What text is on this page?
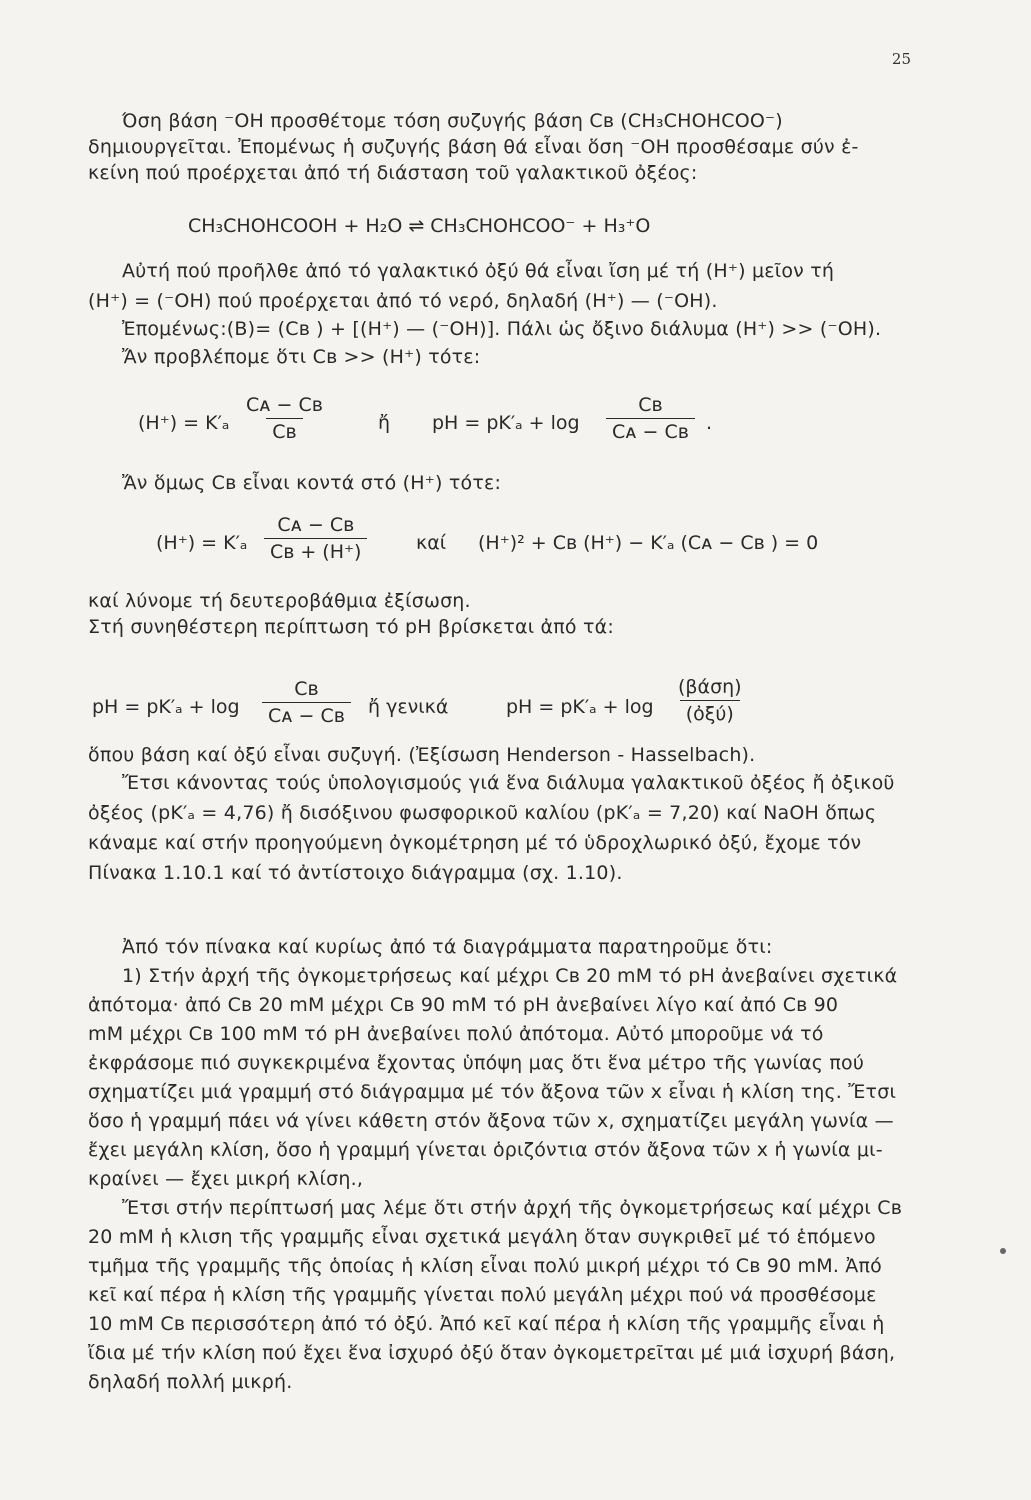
25
Όση βάση ⁻OH προσθέτομε τόση συζυγής βάση Cʙ (CH₃CHOHCOO⁻)
δημιουργεῖται. Ἐπομένως ἡ συζυγής βάση θά εἶναι ὅση ⁻OH προσθέσαμε σύν ἐ-
κείνη πού προέρχεται ἀπό τή διάσταση τοῦ γαλακτικοῦ ὀξέος:
CH₃CHOHCOOH + H₂O ⇌ CH₃CHOHCOO⁻ + H₃⁺O
Αὐτή πού προῆλθε ἀπό τό γαλακτικό ὀξύ θά εἶναι ἴση μέ τή (H⁺) μεῖον τή
(H⁺) = (⁻OH) πού προέρχεται ἀπό τό νερό, δηλαδή (H⁺) — (⁻OH).
Ἐπομένως:(B)= (Cʙ ) + [(H⁺) — (⁻OH)]. Πάλι ὡς ὄξινο διάλυμα (H⁺) >> (⁻OH).
Ἄν προβλέπομε ὅτι Cʙ >> (H⁺) τότε:
$(H^+) = K'_a \frac{\text{Cᴀ − Cʙ}}{\text{Cʙ}}$	ἤ pH = $pK'_a + \log \frac{\text{Cʙ}}{\text{Cᴀ − Cʙ}}$ .
Ἄν ὅμως Cʙ εἶναι κοντά στό (H⁺) τότε:
$(H^+) = K'_a \frac{\text{Cᴀ − Cʙ}}{\text{Cʙ + (H⁺)}}$	καί (H⁺)² + Cʙ (H⁺) − K′ₐ (Cᴀ − Cʙ ) = 0
καί λύνομε τή δευτεροβάθμια ἐξίσωση.
Στή συνηθέστερη περίπτωση τό pH βρίσκεται ἀπό τά:
pH = $pK'_a + \log \frac{\text{Cʙ}}{\text{Cᴀ − Cʙ}}$ ἤ γενικά	pH = pK′ₐ + log
(βάση)
(ὀξύ)
ὅπου βάση καί ὀξύ εἶναι συζυγή. (Ἐξίσωση Henderson - Hasselbach).
Ἔτσι κάνοντας τούς ὑπολογισμούς γιά ἕνα διάλυμα γαλακτικοῦ ὀξέος ἤ ὀξικοῦ
ὀξέος (pK′ₐ = 4,76) ἤ δισόξινου φωσφορικοῦ καλίου (pK′ₐ = 7,20) καί NaOH ὅπως
κάναμε καί στήν προηγούμενη ὀγκομέτρηση μέ τό ὑδροχλωρικό ὀξύ, ἔχομε τόν
Πίνακα 1.10.1 καί τό ἀντίστοιχο διάγραμμα (σχ. 1.10).
Ἀπό τόν πίνακα καί κυρίως ἀπό τά διαγράμματα παρατηροῦμε ὅτι:
1) Στήν ἀρχή τῆς ὀγκομετρήσεως καί μέχρι Cʙ 20 mM τό pH ἀνεβαίνει σχετικά
ἀπότομα· ἀπό Cʙ 20 mM μέχρι Cʙ 90 mM τό pH ἀνεβαίνει λίγο καί ἀπό Cʙ 90
mM μέχρι Cʙ 100 mM τό pH ἀνεβαίνει πολύ ἀπότομα. Αὐτό μποροῦμε νά τό
ἐκφράσομε πιό συγκεκριμένα ἔχοντας ὑπόψη μας ὅτι ἕνα μέτρο τῆς γωνίας πού
σχηματίζει μιά γραμμή στό διάγραμμα μέ τόν ἄξονα τῶν x εἶναι ἡ κλίση της. Ἔτσι
ὅσο ἡ γραμμή πάει νά γίνει κάθετη στόν ἄξονα τῶν x, σχηματίζει μεγάλη γωνία —
ἔχει μεγάλη κλίση, ὅσο ἡ γραμμή γίνεται ὁριζόντια στόν ἄξονα τῶν x ἡ γωνία μι-
κραίνει — ἔχει μικρή κλίση.,
Ἔτσι στήν περίπτωσή μας λέμε ὅτι στήν ἀρχή τῆς ὀγκομετρήσεως καί μέχρι Cʙ
20 mM ἡ κλιση τῆς γραμμῆς εἶναι σχετικά μεγάλη ὅταν συγκριθεῖ μέ τό ἑπόμενο
τμῆμα τῆς γραμμῆς τῆς ὁποίας ἡ κλίση εἶναι πολύ μικρή μέχρι τό Cʙ 90 mM. Ἀπό
κεῖ καί πέρα ἡ κλίση τῆς γραμμῆς γίνεται πολύ μεγάλη μέχρι πού νά προσθέσομε
10 mM Cʙ περισσότερη ἀπό τό ὀξύ. Ἀπό κεῖ καί πέρα ἡ κλίση τῆς γραμμῆς εἶναι ἡ
ἴδια μέ τήν κλίση πού ἔχει ἕνα ἰσχυρό ὀξύ ὅταν ὀγκομετρεῖται μέ μιά ἰσχυρή βάση,
δηλαδή πολλή μικρή.
